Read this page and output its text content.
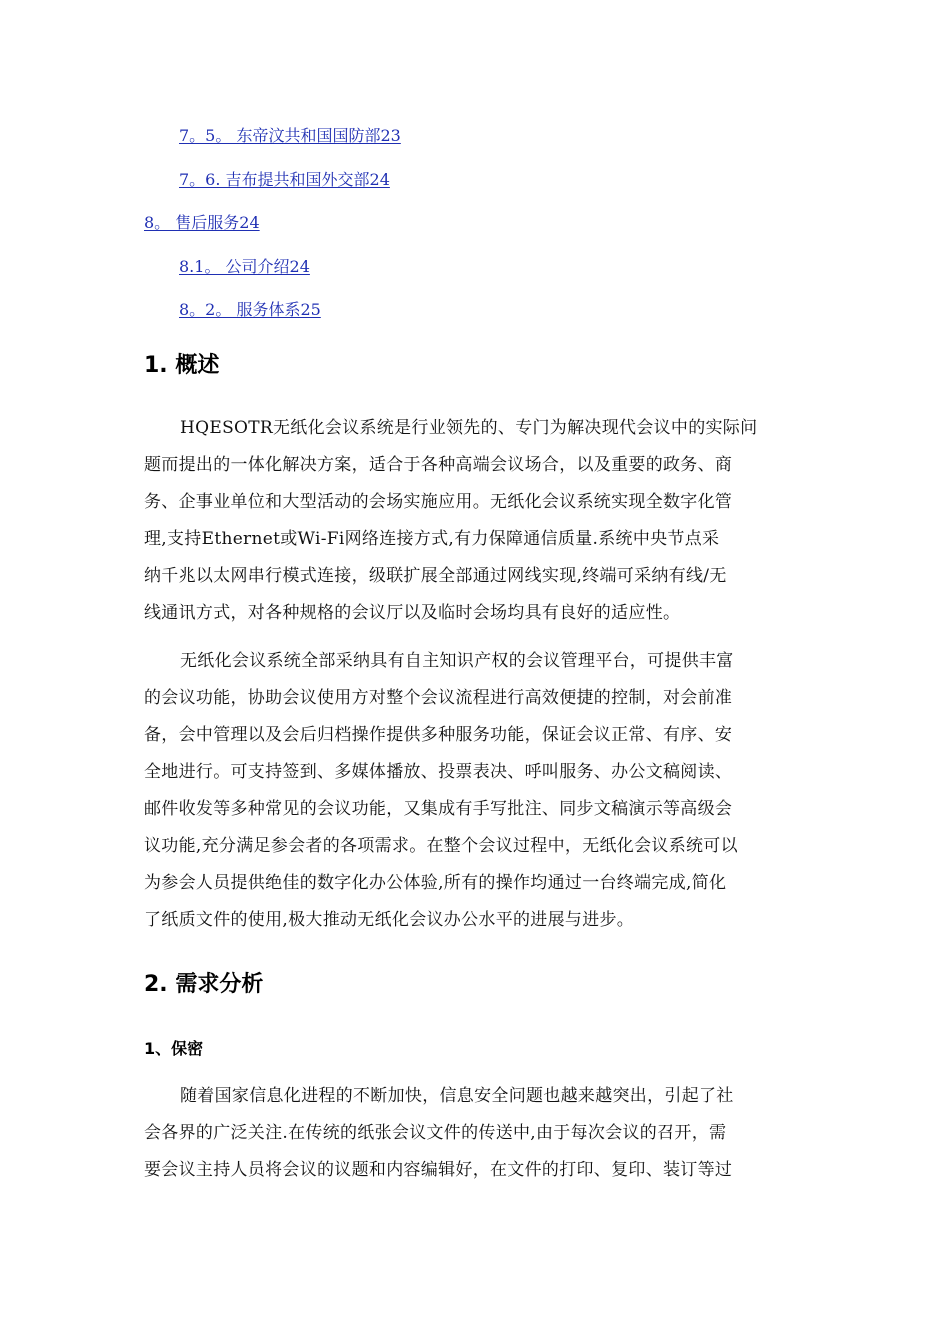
7。5。 东帝汶共和国国防部23
7。6. 吉布提共和国外交部24
8。 售后服务24
8.1。 公司介绍24
8。2。 服务体系25
1. 概述
HQESOTR无纸化会议系统是行业领先的、专门为解决现代会议中的实际问
题而提出的一体化解决方案，适合于各种高端会议场合，以及重要的政务、商
务、企事业单位和大型活动的会场实施应用。无纸化会议系统实现全数字化管
理,支持Ethernet或Wi-Fi网络连接方式,有力保障通信质量.系统中央节点采
纳千兆以太网串行模式连接，级联扩展全部通过网线实现,终端可采纳有线/无
线通讯方式，对各种规格的会议厅以及临时会场均具有良好的适应性。
无纸化会议系统全部采纳具有自主知识产权的会议管理平台，可提供丰富
的会议功能，协助会议使用方对整个会议流程进行高效便捷的控制，对会前准
备，会中管理以及会后归档操作提供多种服务功能，保证会议正常、有序、安
全地进行。可支持签到、多媒体播放、投票表决、呼叫服务、办公文稿阅读、
邮件收发等多种常见的会议功能，又集成有手写批注、同步文稿演示等高级会
议功能,充分满足参会者的各项需求。在整个会议过程中，无纸化会议系统可以
为参会人员提供绝佳的数字化办公体验,所有的操作均通过一台终端完成,简化
了纸质文件的使用,极大推动无纸化会议办公水平的进展与进步。
2. 需求分析
1、保密
随着国家信息化进程的不断加快，信息安全问题也越来越突出，引起了社
会各界的广泛关注.在传统的纸张会议文件的传送中,由于每次会议的召开，需
要会议主持人员将会议的议题和内容编辑好，在文件的打印、复印、装订等过
